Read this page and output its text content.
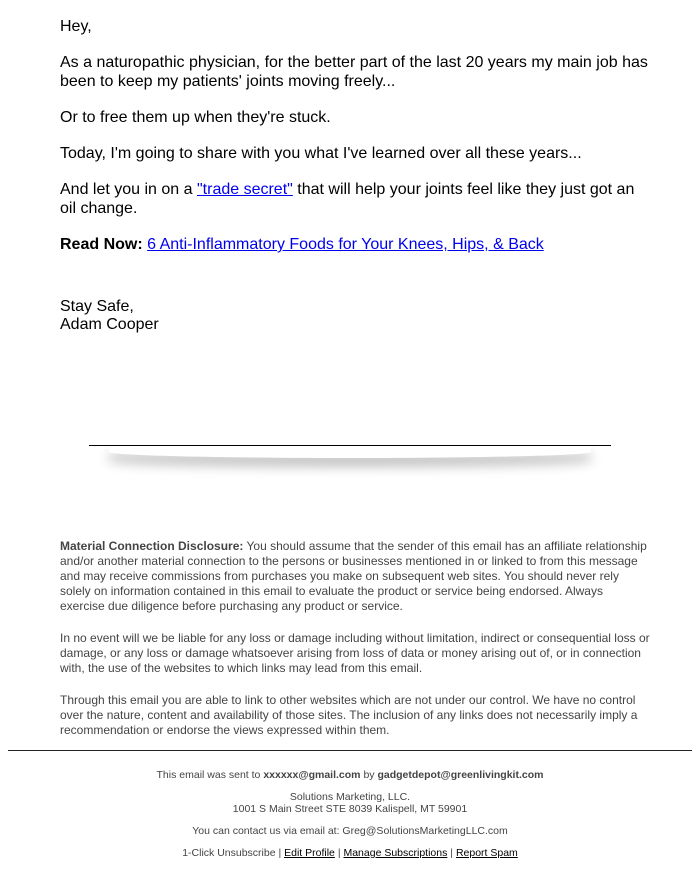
Hey,

As a naturopathic physician, for the better part of the last 20 years my main job has been to keep my patients' joints moving freely...

Or to free them up when they're stuck.

Today, I'm going to share with you what I've learned over all these years...

And let you in on a "trade secret" that will help your joints feel like they just got an oil change.

Read Now: 6 Anti-Inflammatory Foods for Your Knees, Hips, & Back

Stay Safe,
Adam Cooper

Material Connection Disclosure: You should assume that the sender of this email has an affiliate relationship and/or another material connection to the persons or businesses mentioned in or linked to from this message and may receive commissions from purchases you make on subsequent web sites. You should never rely solely on information contained in this email to evaluate the product or service being endorsed. Always exercise due diligence before purchasing any product or service.

In no event will we be liable for any loss or damage including without limitation, indirect or consequential loss or damage, or any loss or damage whatsoever arising from loss of data or money arising out of, or in connection with, the use of the websites to which links may lead from this email.

Through this email you are able to link to other websites which are not under our control. We have no control over the nature, content and availability of those sites. The inclusion of any links does not necessarily imply a recommendation or endorse the views expressed within them.

This email was sent to xxxxxx@gmail.com by gadgetdepot@greenlivingkit.com

Solutions Marketing, LLC.
1001 S Main Street STE 8039 Kalispell, MT 59901

You can contact us via email at: Greg@SolutionsMarketingLLC.com

1-Click Unsubscribe | Edit Profile | Manage Subscriptions | Report Spam
